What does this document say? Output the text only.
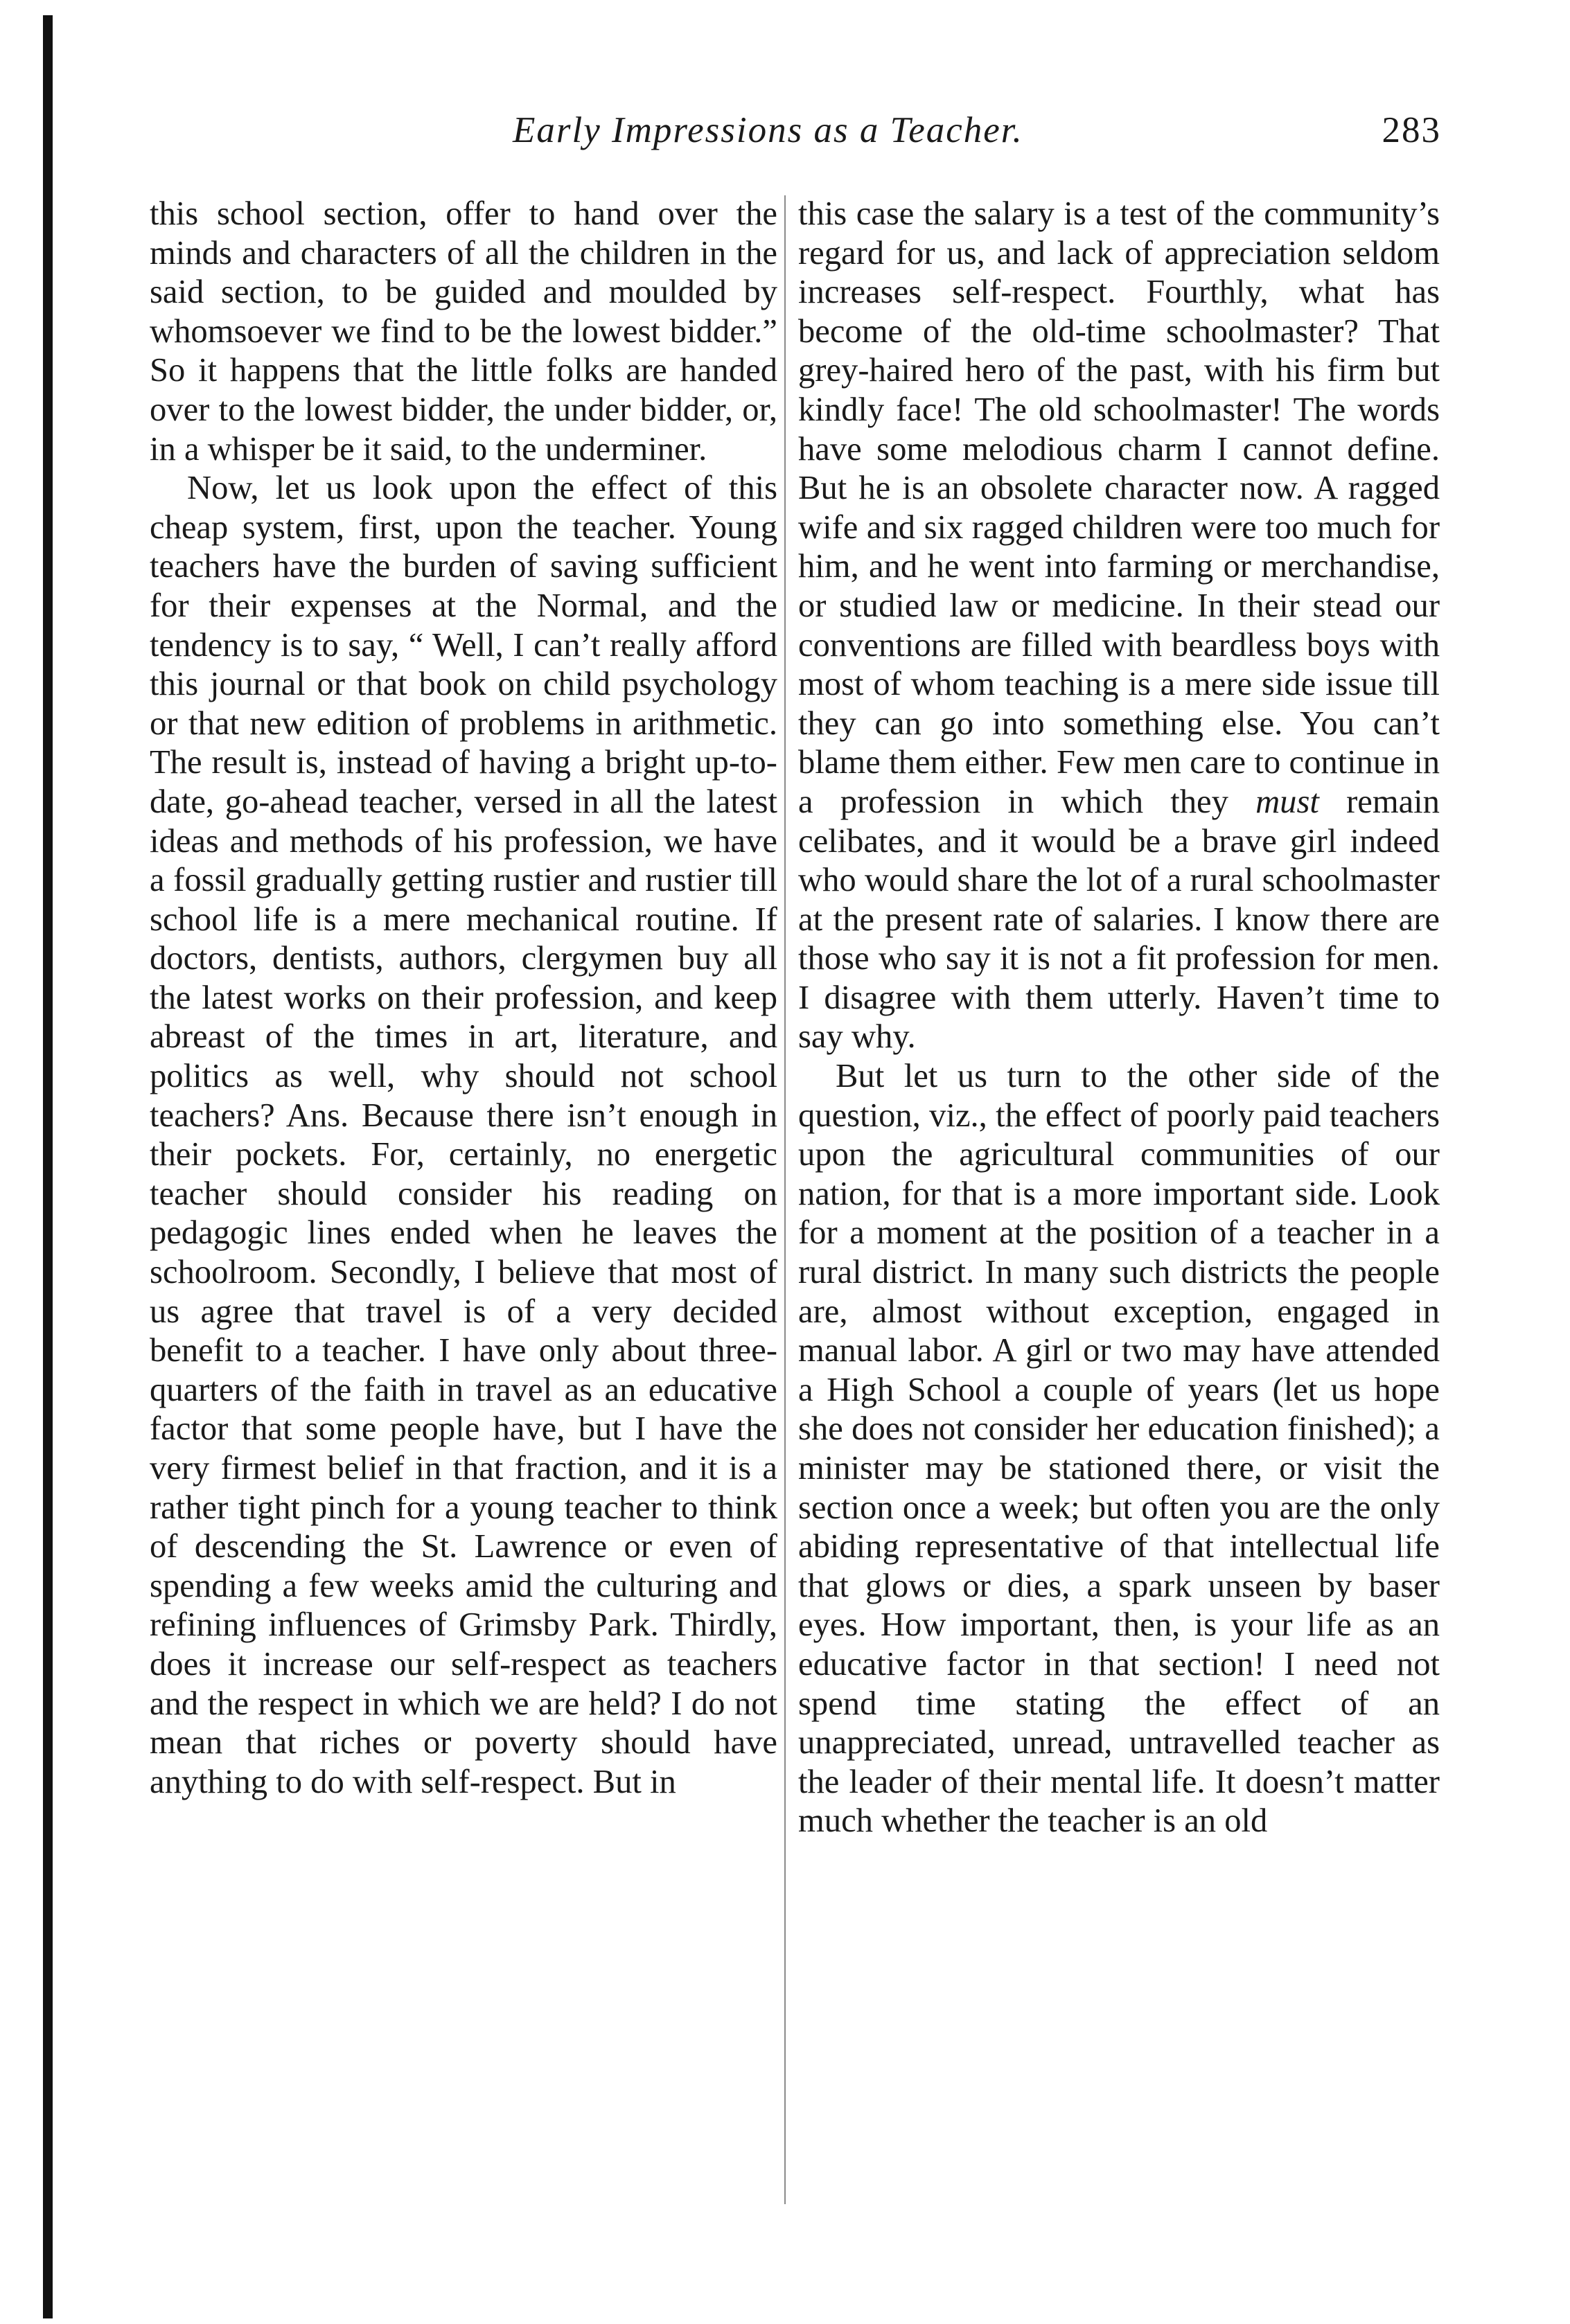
Early Impressions as a Teacher.	283

this school section, offer to hand over the minds and characters of all the children in the said section, to be guided and moulded by whomsoever we find to be the lowest bidder.” So it happens that the little folks are handed over to the lowest bidder, the under bidder, or, in a whisper be it said, to the underminer.

Now, let us look upon the effect of this cheap system, first, upon the teacher. Young teachers have the burden of saving sufficient for their expenses at the Normal, and the tendency is to say, “ Well, I can’t really afford this journal or that book on child psychology or that new edition of problems in arithmetic. The result is, instead of having a bright up-to-date, go-ahead teacher, versed in all the latest ideas and methods of his profession, we have a fossil gradually getting rustier and rustier till school life is a mere mechanical routine. If doctors, dentists, authors, clergymen buy all the latest works on their profession, and keep abreast of the times in art, literature, and politics as well, why should not school teachers? Ans. Because there isn’t enough in their pockets. For, certainly, no energetic teacher should consider his reading on pedagogic lines ended when he leaves the schoolroom. Secondly, I believe that most of us agree that travel is of a very decided benefit to a teacher. I have only about three-quarters of the faith in travel as an educative factor that some people have, but I have the very firmest belief in that fraction, and it is a rather tight pinch for a young teacher to think of descending the St. Lawrence or even of spending a few weeks amid the culturing and refining influences of Grimsby Park. Thirdly, does it increase our self-respect as teachers and the respect in which we are held? I do not mean that riches or poverty should have anything to do with self-respect. But in

this case the salary is a test of the community’s regard for us, and lack of appreciation seldom increases self-respect. Fourthly, what has become of the old-time schoolmaster? That grey-haired hero of the past, with his firm but kindly face! The old schoolmaster! The words have some melodious charm I cannot define. But he is an obsolete character now. A ragged wife and six ragged children were too much for him, and he went into farming or merchandise, or studied law or medicine. In their stead our conventions are filled with beardless boys with most of whom teaching is a mere side issue till they can go into something else. You can’t blame them either. Few men care to continue in a profession in which they must remain celibates, and it would be a brave girl indeed who would share the lot of a rural schoolmaster at the present rate of salaries. I know there are those who say it is not a fit profession for men. I disagree with them utterly. Haven’t time to say why.

But let us turn to the other side of the question, viz., the effect of poorly paid teachers upon the agricultural communities of our nation, for that is a more important side. Look for a moment at the position of a teacher in a rural district. In many such districts the people are, almost without exception, engaged in manual labor. A girl or two may have attended a High School a couple of years (let us hope she does not consider her education finished); a minister may be stationed there, or visit the section once a week; but often you are the only abiding representative of that intellectual life that glows or dies, a spark unseen by baser eyes. How important, then, is your life as an educative factor in that section! I need not spend time stating the effect of an unappreciated, unread, untravelled teacher as the leader of their mental life. It doesn’t matter much whether the teacher is an old
